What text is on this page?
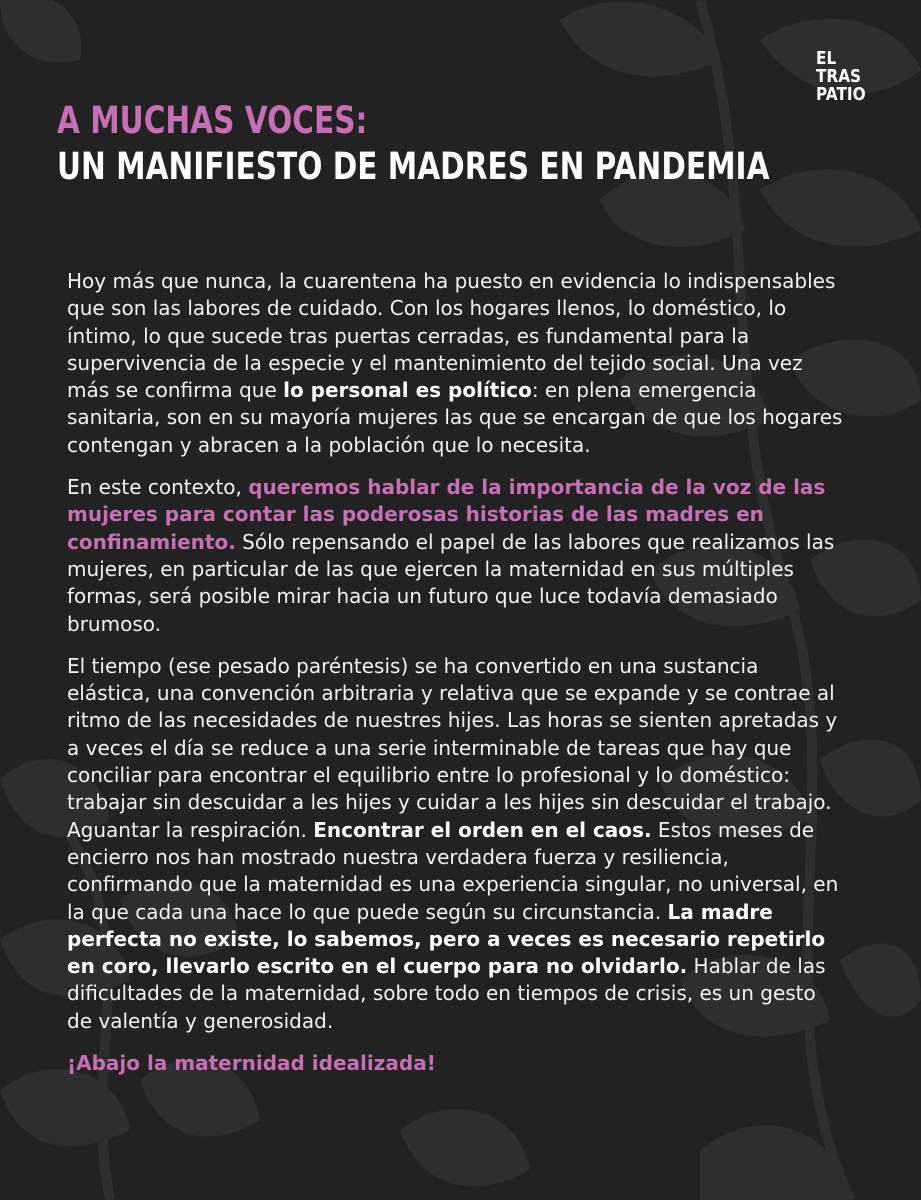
EL
TRAS
PATIO

A MUCHAS VOCES:

UN MANIFIESTO DE MADRES EN PANDEMIA

Hoy más que nunca, la cuarentena ha puesto en evidencia lo indispensables que son las labores de cuidado. Con los hogares llenos, lo doméstico, lo íntimo, lo que sucede tras puertas cerradas, es fundamental para la supervivencia de la especie y el mantenimiento del tejido social. Una vez más se confirma que lo personal es político: en plena emergencia sanitaria, son en su mayoría mujeres las que se encargan de que los hogares contengan y abracen a la población que lo necesita.

En este contexto, queremos hablar de la importancia de la voz de las mujeres para contar las poderosas historias de las madres en confinamiento. Sólo repensando el papel de las labores que realizamos las mujeres, en particular de las que ejercen la maternidad en sus múltiples formas, será posible mirar hacia un futuro que luce todavía demasiado brumoso.

El tiempo (ese pesado paréntesis) se ha convertido en una sustancia elástica, una convención arbitraria y relativa que se expande y se contrae al ritmo de las necesidades de nuestres hijes. Las horas se sienten apretadas y a veces el día se reduce a una serie interminable de tareas que hay que conciliar para encontrar el equilibrio entre lo profesional y lo doméstico: trabajar sin descuidar a les hijes y cuidar a les hijes sin descuidar el trabajo. Aguantar la respiración. Encontrar el orden en el caos. Estos meses de encierro nos han mostrado nuestra verdadera fuerza y resiliencia, confirmando que la maternidad es una experiencia singular, no universal, en la que cada una hace lo que puede según su circunstancia. La madre perfecta no existe, lo sabemos, pero a veces es necesario repetirlo en coro, llevarlo escrito en el cuerpo para no olvidarlo. Hablar de las dificultades de la maternidad, sobre todo en tiempos de crisis, es un gesto de valentía y generosidad.

¡Abajo la maternidad idealizada!
